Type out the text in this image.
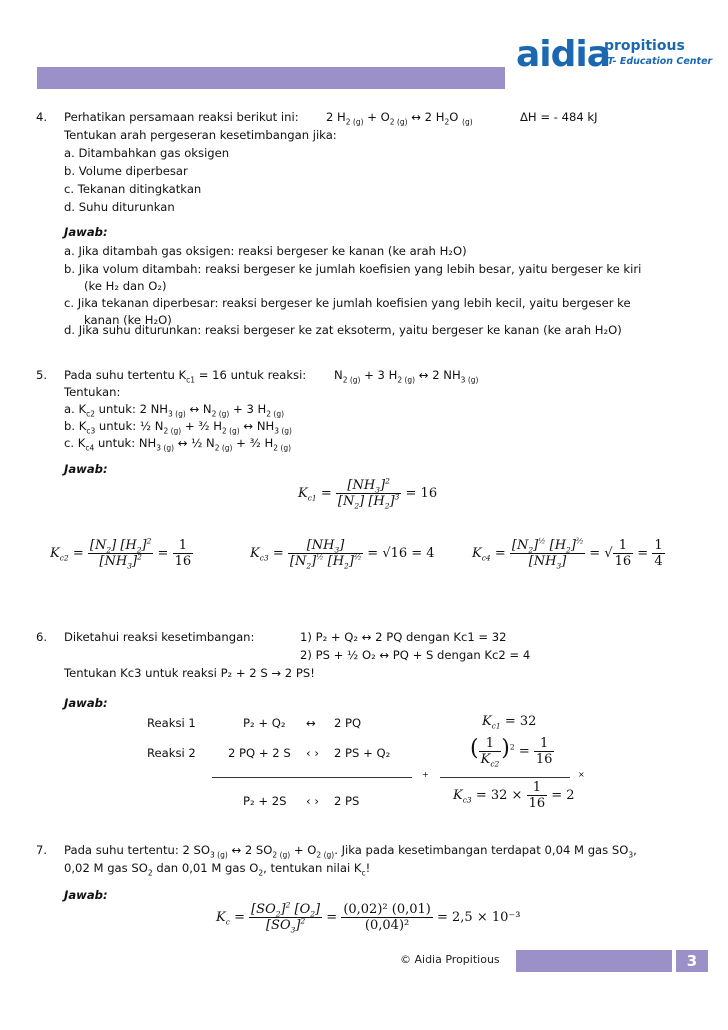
aidia
propitious
IT- Education Center
4. Perhatikan persamaan reaksi berikut ini: 2 $H_{2 (g)} + O_{2 (g)}$ ↔ 2 $H_2O$ $_{(g)}$	ΔH = - 484 kJ
Tentukan arah pergeseran kesetimbangan jika:
a. Ditambahkan gas oksigen
b. Volume diperbesar
c. Tekanan ditingkatkan
d. Suhu diturunkan
Jawab:
a. Jika ditambah gas oksigen: reaksi bergeser ke kanan (ke arah H₂O)
b. Jika volum ditambah: reaksi bergeser ke jumlah koefisien yang lebih besar, yaitu bergeser ke kiri
(ke H₂ dan O₂)
c. Jika tekanan diperbesar: reaksi bergeser ke jumlah koefisien yang lebih kecil, yaitu bergeser ke
kanan (ke H₂O)
d. Jika suhu diturunkan: reaksi bergeser ke zat eksoterm, yaitu bergeser ke kanan (ke arah H₂O)
5. Pada suhu tertentu $K_{c1} = 16$ untuk reaksi: $N_{2 (g)} + 3$ $H_{2 (g)}$ ↔ 2 $NH_{3 (g)}$
Tentukan:
a. $K_{c2}$ untuk: 2 $NH_{3 (g)}$ ↔ $N_{2 (g)} + 3$ $H_{2 (g)}$
b. $K_{c3}$ untuk: ½ $N_{2 (g)}$ + ³⁄₂ $H_{2 (g)}$ ↔ $NH_{3 (g)}$
c. $K_{c4}$ untuk: $NH_{3 (g)}$ ↔ ½ $N_{2 (g)}$ + ³⁄₂ $H_{2 (g)}$
Jawab:
$K_{c1} = \frac{[NH_3]^2}{[N_2] [H_2]^3} = 16$
$K_{c2} = \frac{[N_2] [H_2]^2}{[NH_3]^2} = \frac{1}{16}$	$K_{c3} = \frac{[NH_3]}{[N_2]^{\frac{1}{2}} [H_2]^{^3⁄_2}} = √16 = 4$	$K_{c4} = \frac{[N_2]^{\frac{1}{2}} [H_2]^{^3⁄_2}}{[NH_3]}$ = √ $\frac{1}{16} = \frac{1}{4}$
6. Diketahui reaksi kesetimbangan:	1) P₂ + Q₂ ↔ 2 PQ dengan Kc1 = 32
2) PS + ½ O₂ ↔ PQ + S dengan Kc2 = 4
Tentukan Kc3 untuk reaksi P₂ + 2 S → 2 PS!
Jawab:
Reaksi 1	P₂ + Q₂ ↔ 2 PQ	$K_{c1} = 32$
Reaksi 2	2 PQ + 2 S ‹ › 2 PS + Q₂	( $\frac{1}{K_{c2}} )^2 = \frac{1}{16}$
+	×
P₂ + 2S ‹ › 2 PS	$K_{c3} = 32 \times \frac{1}{16} = 2$
7. Pada suhu tertentu: 2 $SO_{3 (g)}$ ↔ 2 $SO_{2 (g)} + O_{2 (g)}$. Jika pada kesetimbangan terdapat 0,04 M gas $SO_3$,
0,02 M gas $SO_2$ dan 0,01 M gas $O_2$, tentukan nilai $K_c$!
Jawab:
$K_c = \frac{[SO_2]^2 [O_2]}{[SO_3]^2} = \frac{\text{(0,02)² (0,01)}}{\text{(0,04)²}} = 2,5 \times 10^{-3}$
© Aidia Propitious	3
